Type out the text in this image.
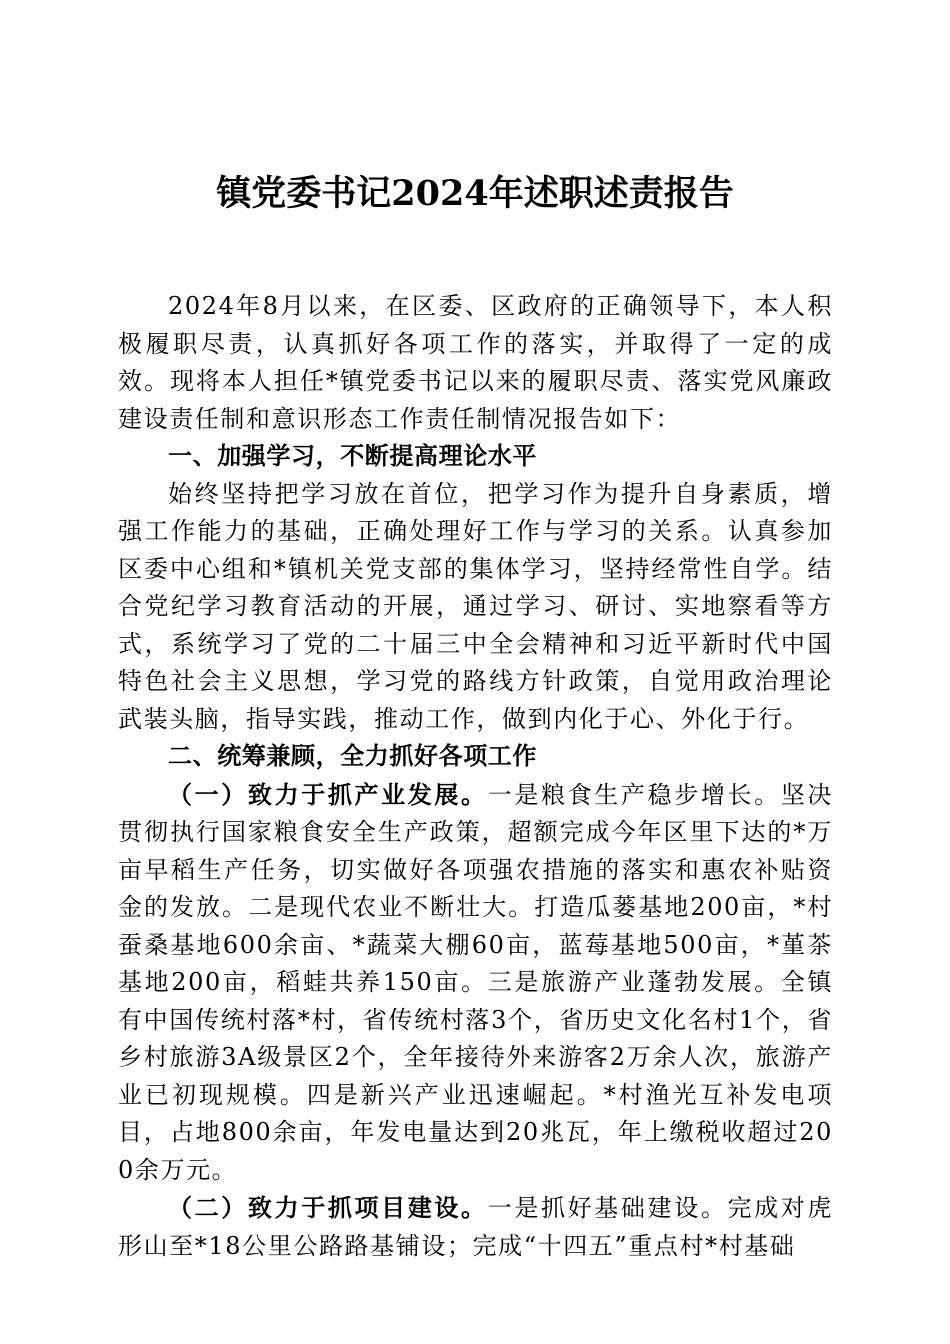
镇党委书记2024年述职述责报告

2024年8月以来，在区委、区政府的正确领导下，本人积极履职尽责，认真抓好各项工作的落实，并取得了一定的成效。现将本人担任*镇党委书记以来的履职尽责、落实党风廉政建设责任制和意识形态工作责任制情况报告如下：

一、加强学习，不断提高理论水平

始终坚持把学习放在首位，把学习作为提升自身素质，增强工作能力的基础，正确处理好工作与学习的关系。认真参加区委中心组和*镇机关党支部的集体学习，坚持经常性自学。结合党纪学习教育活动的开展，通过学习、研讨、实地察看等方式，系统学习了党的二十届三中全会精神和习近平新时代中国特色社会主义思想，学习党的路线方针政策，自觉用政治理论武装头脑，指导实践，推动工作，做到内化于心、外化于行。

二、统筹兼顾，全力抓好各项工作

（一）致力于抓产业发展。一是粮食生产稳步增长。坚决贯彻执行国家粮食安全生产政策，超额完成今年区里下达的*万亩早稻生产任务，切实做好各项强农措施的落实和惠农补贴资金的发放。二是现代农业不断壮大。打造瓜蒌基地200亩，*村蚕桑基地600余亩、*蔬菜大棚60亩，蓝莓基地500亩，*堇茶基地200亩，稻蛙共养150亩。三是旅游产业蓬勃发展。全镇有中国传统村落*村，省传统村落3个，省历史文化名村1个，省乡村旅游3A级景区2个，全年接待外来游客2万余人次，旅游产业已初现规模。四是新兴产业迅速崛起。*村渔光互补发电项目，占地800余亩，年发电量达到20兆瓦，年上缴税收超过200余万元。

（二）致力于抓项目建设。一是抓好基础建设。完成对虎形山至*18公里公路路基铺设；完成“十四五”重点村*村基础
